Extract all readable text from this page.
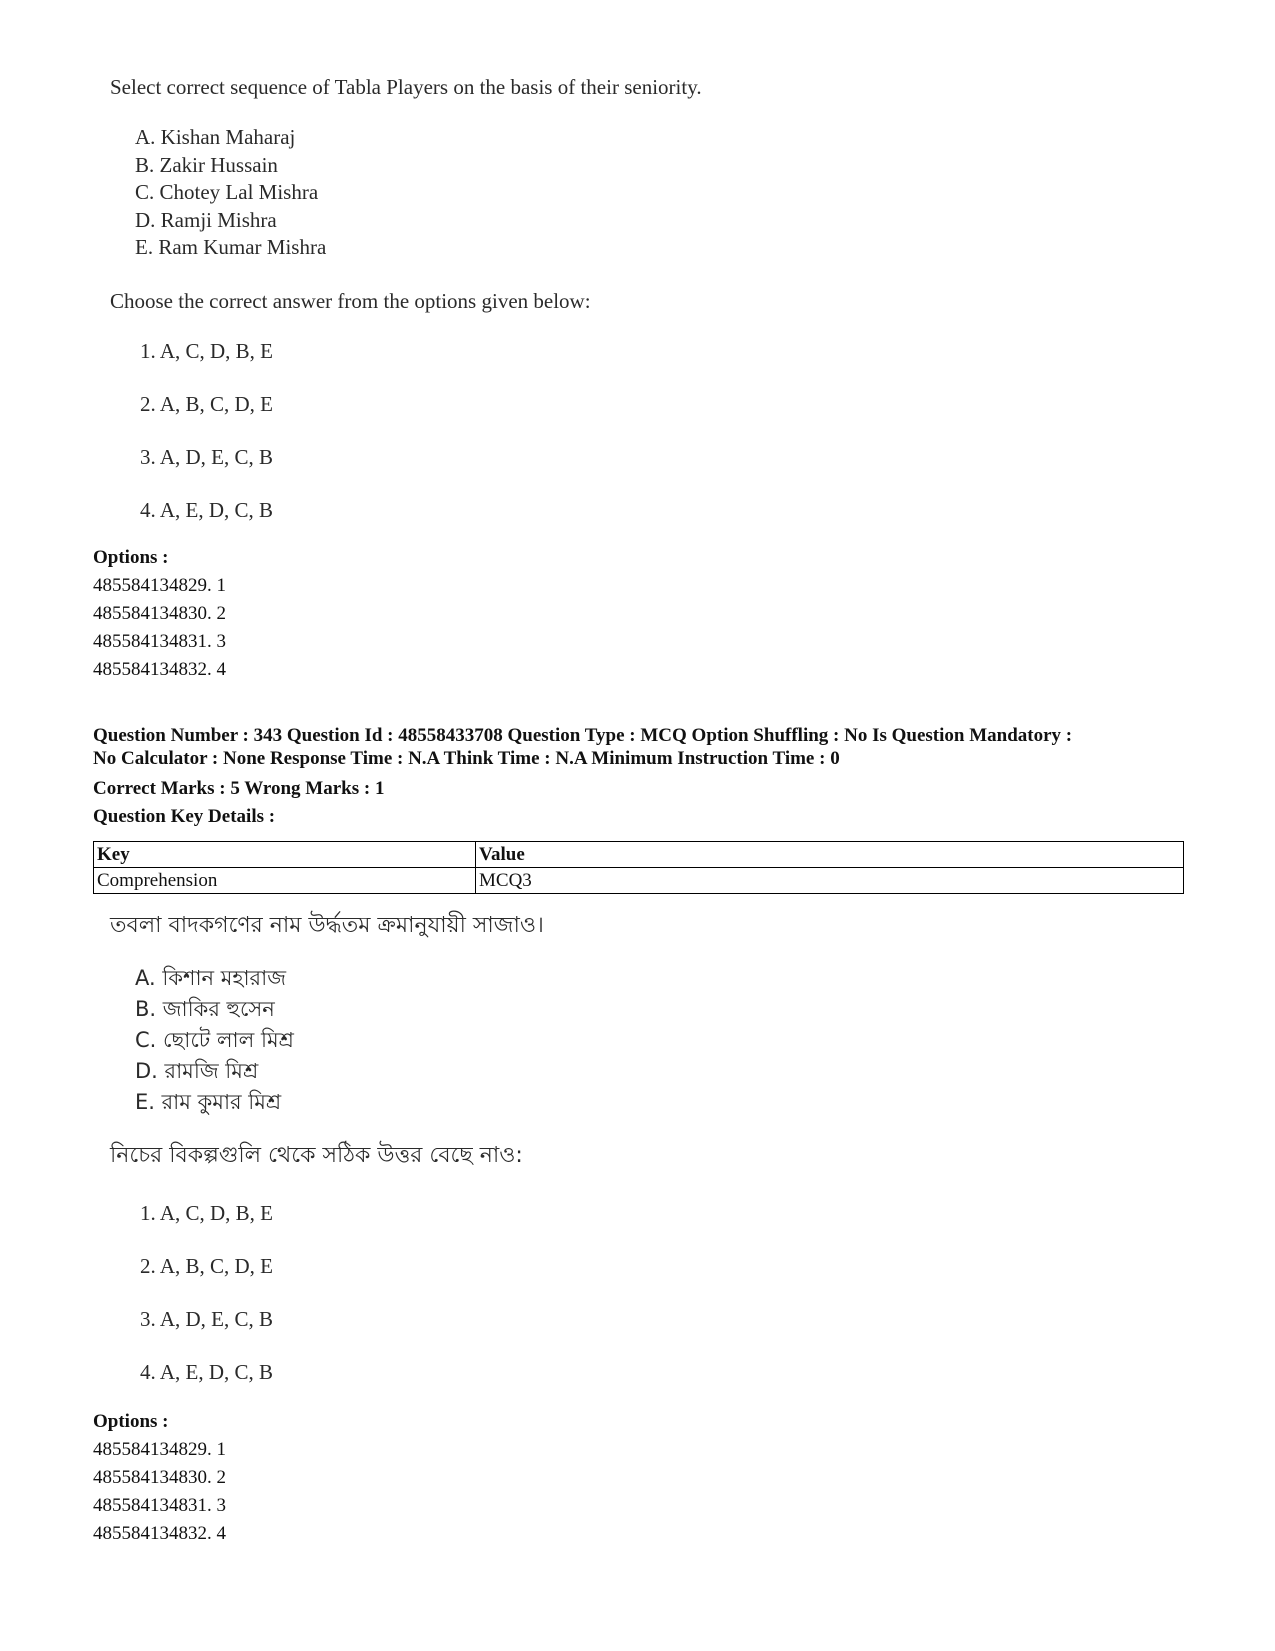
Select correct sequence of Tabla Players on the basis of their seniority.

A. Kishan Maharaj
B. Zakir Hussain
C. Chotey Lal Mishra
D. Ramji Mishra
E. Ram Kumar Mishra

Choose the correct answer from the options given below:

1. A, C, D, B, E
2. A, B, C, D, E
3. A, D, E, C, B
4. A, E, D, C, B
Options :
485584134829. 1
485584134830. 2
485584134831. 3
485584134832. 4
Question Number : 343 Question Id : 48558433708 Question Type : MCQ Option Shuffling : No Is Question Mandatory :
No Calculator : None Response Time : N.A Think Time : N.A Minimum Instruction Time : 0
Correct Marks : 5 Wrong Marks : 1
Question Key Details :
Key	Value
Comprehension	MCQ3

তবলা বাদকগণের নাম উর্দ্ধতম ক্রমানুযায়ী সাজাও।

A. কিশান মহারাজ
B. জাকির হুসেন
C. ছোটে লাল মিশ্র
D. রামজি মিশ্র
E. রাম কুমার মিশ্র

নিচের বিকল্পগুলি থেকে সঠিক উত্তর বেছে নাও:

1. A, C, D, B, E
2. A, B, C, D, E
3. A, D, E, C, B
4. A, E, D, C, B
Options :
485584134829. 1
485584134830. 2
485584134831. 3
485584134832. 4
